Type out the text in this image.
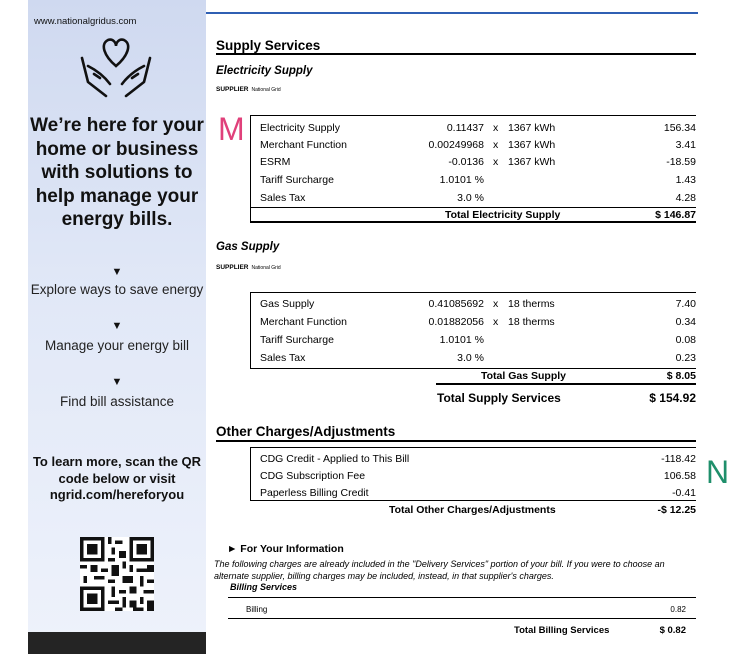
www.nationalgridus.com
We’re here for your home or business with solutions to help manage your energy bills.
▼
Explore ways to save energy
▼
Manage your energy bill
▼
Find bill assistance
To learn more, scan the QR code below or visit ngrid.com/hereforyou
Supply Services
Electricity Supply
SUPPLIER National Grid
M Electricity Supply	0.11437 x 1367 kWh	156.34
Merchant Function	0.00249968 x 1367 kWh	3.41
ESRM	-0.0136 x 1367 kWh	-18.59
Tariff Surcharge	1.0101 %	1.43
Sales Tax	3.0 %	4.28
Total Electricity Supply	$ 146.87
Gas Supply
SUPPLIER National Grid
Gas Supply	0.41085692 x 18 therms	7.40
Merchant Function	0.01882056 x 18 therms	0.34
Tariff Surcharge	1.0101 %	0.08
Sales Tax	3.0 %	0.23
Total Gas Supply	$ 8.05
Total Supply Services	$ 154.92
Other Charges/Adjustments
N
CDG Credit - Applied to This Bill	-118.42
CDG Subscription Fee	106.58
Paperless Billing Credit	-0.41
Total Other Charges/Adjustments	-$ 12.25
► For Your Information
The following charges are already included in the "Delivery Services" portion of your bill. If you were to choose an alternate supplier, billing charges may be included, instead, in that supplier's charges.
Billing Services
Billing	0.82
Total Billing Services	$ 0.82
